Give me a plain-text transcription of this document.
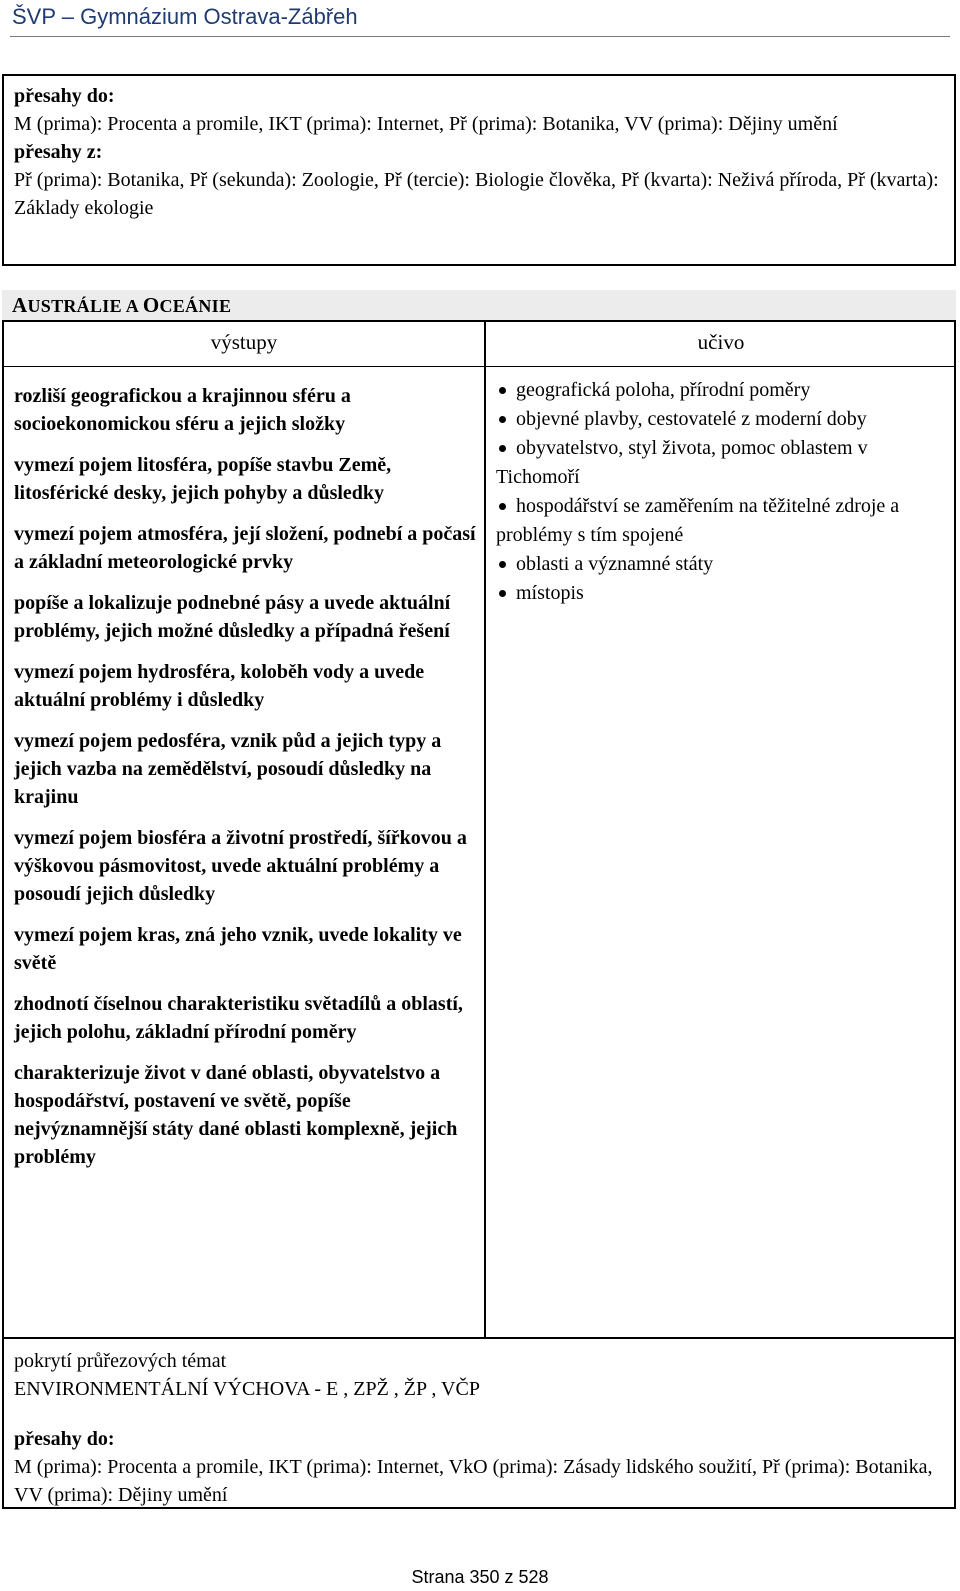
ŠVP – Gymnázium Ostrava-Zábřeh
přesahy do:
M (prima): Procenta a promile, IKT (prima): Internet, Př (prima): Botanika, VV (prima): Dějiny umění
přesahy z:
Př (prima): Botanika, Př (sekunda): Zoologie, Př (tercie): Biologie člověka, Př (kvarta): Neživá příroda, Př (kvarta): Základy ekologie
AUSTRÁLIE A OCEÁNIE
výstupy	učivo
rozliší geografickou a krajinnou sféru a socioekonomickou sféru a jejich složky
vymezí pojem litosféra, popíše stavbu Země, litosférické desky, jejich pohyby a důsledky
vymezí pojem atmosféra, její složení, podnebí a počasí a základní meteorologické prvky
popíše a lokalizuje podnebné pásy a uvede aktuální problémy, jejich možné důsledky a případná řešení
vymezí pojem hydrosféra, koloběh vody a uvede aktuální problémy i důsledky
vymezí pojem pedosféra, vznik půd a jejich typy a jejich vazba na zemědělství, posoudí důsledky na krajinu
vymezí pojem biosféra a životní prostředí, šířkovou a výškovou pásmovitost, uvede aktuální problémy a posoudí jejich důsledky
vymezí pojem kras, zná jeho vznik, uvede lokality ve světě
zhodnotí číselnou charakteristiku světadílů a oblastí, jejich polohu, základní přírodní poměry
charakterizuje život v dané oblasti, obyvatelstvo a hospodářství, postavení ve světě, popíše nejvýznamnější státy dané oblasti komplexně, jejich problémy
geografická poloha, přírodní poměry
objevné plavby, cestovatelé z moderní doby
obyvatelstvo, styl života, pomoc oblastem v Tichomoří
hospodářství se zaměřením na těžitelné zdroje a problémy s tím spojené
oblasti a významné státy
místopis
pokrytí průřezových témat
ENVIRONMENTÁLNÍ VÝCHOVA - E , ZPŽ , ŽP , VČP
přesahy do:
M (prima): Procenta a promile, IKT (prima): Internet, VkO (prima): Zásady lidského soužití, Př (prima): Botanika, VV (prima): Dějiny umění
Strana 350 z 528
